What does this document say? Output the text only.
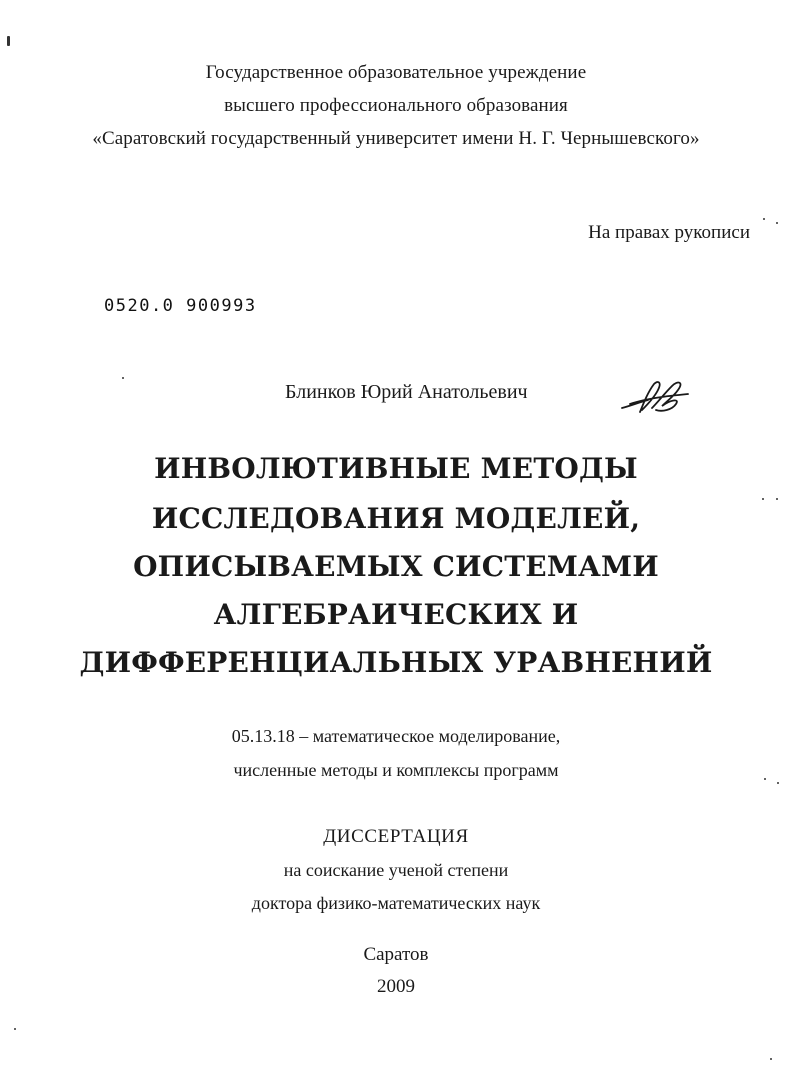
Государственное образовательное учреждение
высшего профессионального образования
«Саратовский государственный университет имени Н. Г. Чернышевского»
На правах рукописи
0520.0 900993
Блинков Юрий Анатольевич
ИНВОЛЮТИВНЫЕ МЕТОДЫ
ИССЛЕДОВАНИЯ МОДЕЛЕЙ,
ОПИСЫВАЕМЫХ СИСТЕМАМИ
АЛГЕБРАИЧЕСКИХ И
ДИФФЕРЕНЦИАЛЬНЫХ УРАВНЕНИЙ
05.13.18 – математическое моделирование,
численные методы и комплексы программ
ДИССЕРТАЦИЯ
на соискание ученой степени
доктора физико-математических наук
Саратов
2009
